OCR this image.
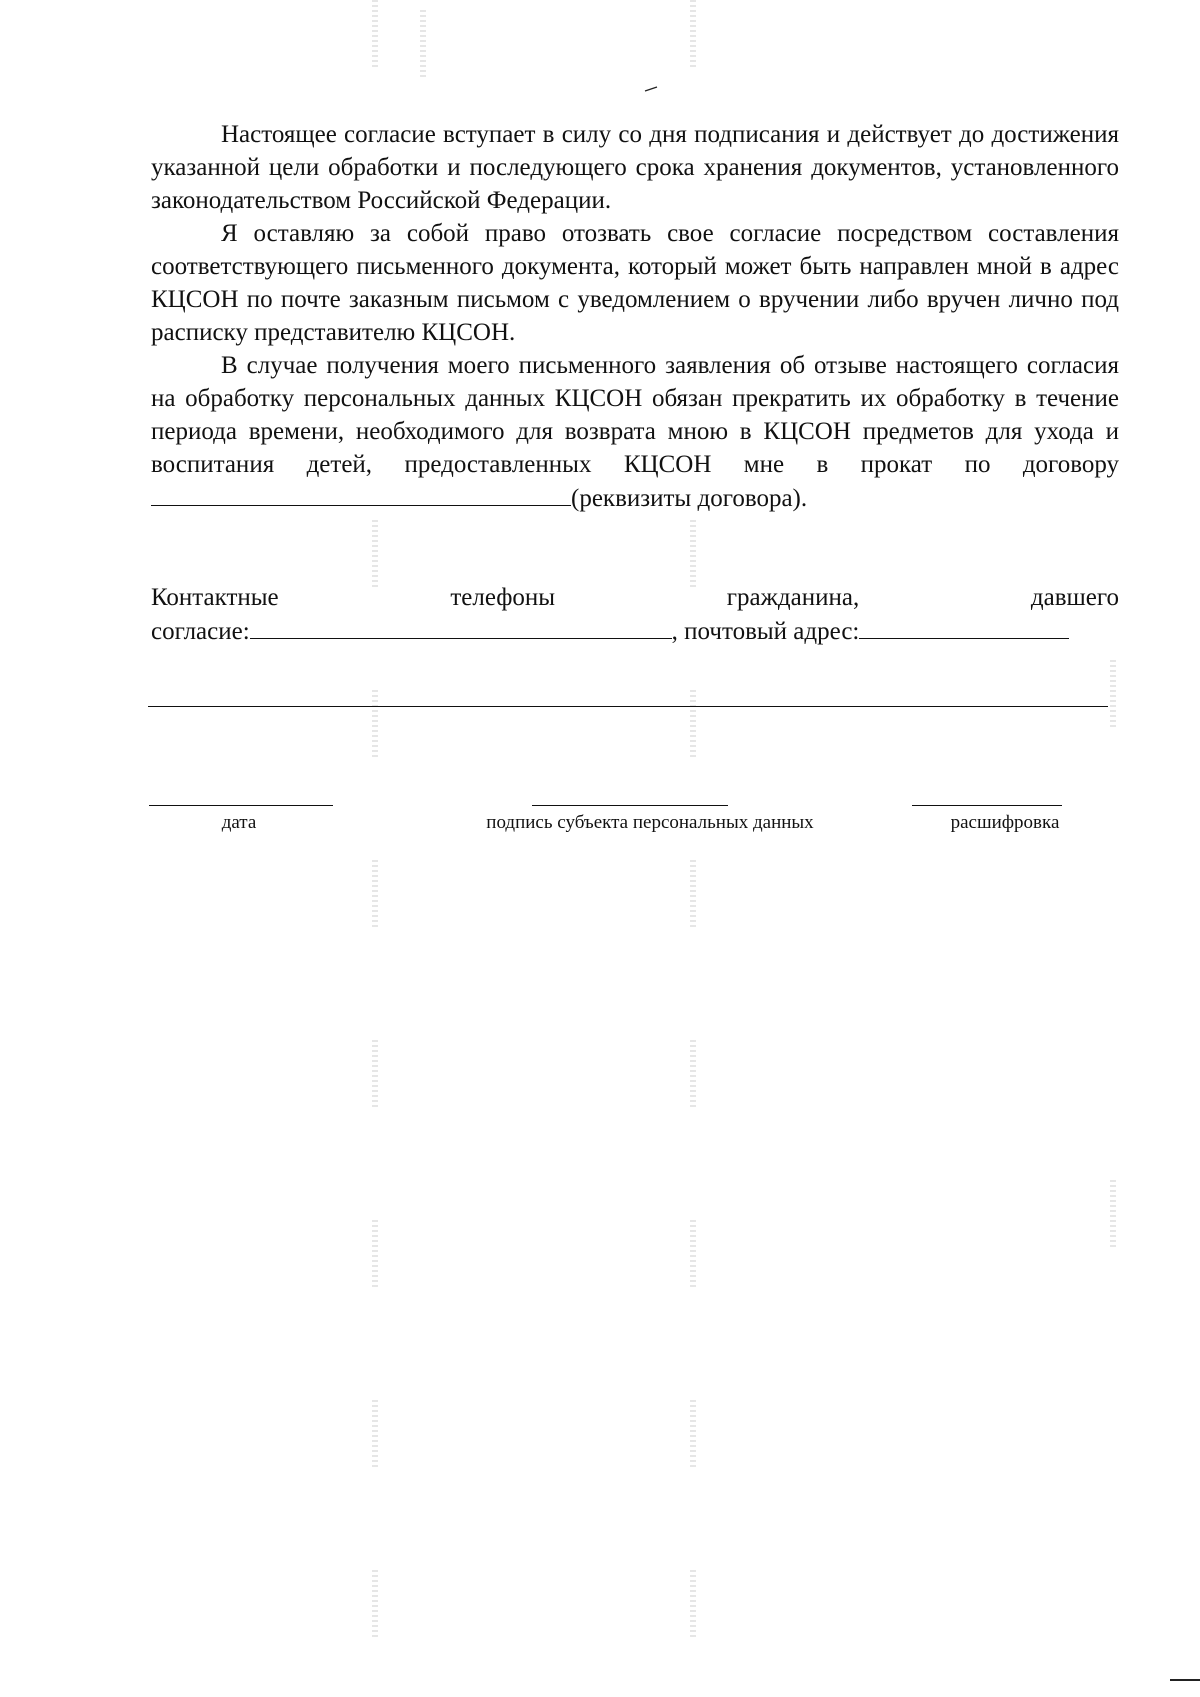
Настоящее согласие вступает в силу со дня подписания и действует до достижения указанной цели обработки и последующего срока хранения документов, установленного законодательством Российской Федерации.

Я оставляю за собой право отозвать свое согласие посредством составления соответствующего письменного документа, который может быть направлен мной в адрес КЦСОН по почте заказным письмом с уведомлением о вручении либо вручен лично под расписку представителю КЦСОН.

В случае получения моего письменного заявления об отзыве настоящего согласия на обработку персональных данных КЦСОН обязан прекратить их обработку в течение периода времени, необходимого для возврата мною в КЦСОН предметов для ухода и воспитания детей, предоставленных КЦСОН мне в прокат по договору (реквизиты договора).

Контактные	телефоны	гражданина,	давшего
согласие:	, почтовый адрес:
дата	подпись субъекта персональных данных	расшифровка
